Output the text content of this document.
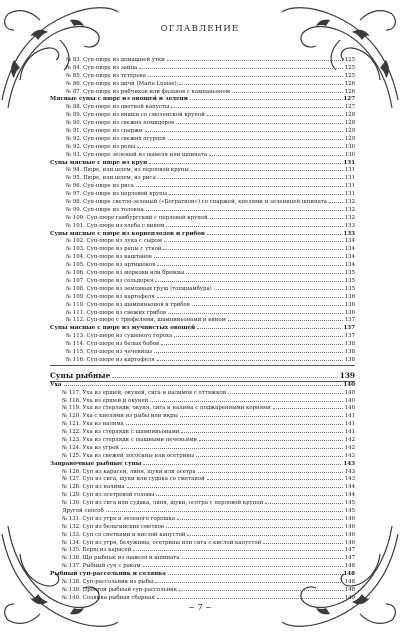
ОГЛАВЛЕНИЕ
№ 83. Суп-пюре из домашней утки	125
№ 84. Суп-пюре из зайца	125
№ 85. Суп-пюре из тетерева	125
№ 86. Суп-пюре из дичи (Marie Louise)	126
№ 87. Суп-пюре из рябчиков или фазанов с кампаньоном	126
Мясные супы с пюре из овощей и зелени	127
№ 88. Суп-пюре из цветной капусты	127
№ 89. Суп-пюре из вишен со смоленской крупой	128
№ 90. Суп-пюре из свежих помидоров	128
№ 91. Суп-пюре из спаржи	129
№ 92. Суп-пюре из свежих огурцов	129
№ 92. Суп-пюре из репы	130
№ 93. Суп-пюре зеленый из щавеля или шпината	130
Супы мясные с пюре из круп	131
№ 94. Пюре, или шлем, из перловой крупы	131
№ 95. Пюре, или шлем, из риса	131
№ 96. Суп-пюре из риса	131
№ 97. Суп-пюре из перловой крупы	131
№ 98. Суп-пюре светло-зеленый («Бегратион») со спаржей, кнелями и зеленицей шпината	132
№ 99. Суп-пюре из толокна	132
№ 100. Суп-пюре гамбургский с перловой крупой	132
№ 101. Суп-пюре из хлеба с вином	133
Супы мясные с пюре из корнеплодов и грибов	133
№ 102. Суп-пюре из лука с сыром	134
№ 103. Суп-пюре из репы с уткой	134
№ 104. Суп-пюре из каштанов	134
№ 105. Суп-пюре из артишоков	134
№ 106. Суп-пюре из моркови или брюквы	135
№ 107. Суп-пюре из сельдерея	135
№ 108. Суп-пюре из земляных груш (топинамбура)	135
№ 109. Суп-пюре из картофеля	136
№ 110. Суп-пюре из шампиньонов и грибов	136
№ 111. Суп-пюре из свежих грибов	136
№ 112. Суп-пюре с трюфелями, шампиньонами и вином	137
Супы мясные с пюре из мучнистых овощей	137
№ 113. Суп-пюре из сушеного гороха	137
№ 114. Суп-пюре из белых бобов	138
№ 115. Суп-пюре из чечевицы	138
№ 116. Суп-пюре из картофеля	138
Супы рыбные	139
Уха	140
№ 117. Уха из ершей, окуней, сига и налимов с оттяжкой	140
№ 118. Уха из ершей и окуней	140
№ 119. Уха из стерляди, окуня, сига и налима с поджаренными корнями	140
№ 120. Уха с кнелями из рыбы или икры	141
№ 121. Уха из налима	141
№ 122. Уха из стерляди с шампиньонами	141
№ 123. Уха из стерляди с пышными печеньями	142
№ 124. Уха из угрей	142
№ 125. Уха из свежей лососины или осетрины	143
Заправочные рыбные супы	143
№ 126. Суп из карасей, линя, щуки или осетра	143
№ 127. Суп из сига, щуки или судака со сметаной	143
№ 128. Суп из налима	144
№ 129. Суп из осетровой головы	144
№ 130. Суп из сига или судака, линя, щуки, осетра с перловой крупой	145
Другой способ	145
№ 131. Суп из угря и зеленого горошка	146
№ 132. Суп из бельгийских сметков	146
№ 133. Суп со снетками и кислой капустой	146
№ 134. Суп из угря, белужины, осетрины или сига с кислой капустой	146
№ 135. Борщ из карасей	147
№ 136. Щи рыбные из щавеля и шпината	147
№ 137. Рыбный суп с ракам	148
Рыбный суп-рассольник и солянка	148
№ 138. Суп-рассольник из рыбы	148
№ 139. Простой рыбный суп-рассольник	148
№ 140. Солянка рыбная сборная	149
~ 7 ~
